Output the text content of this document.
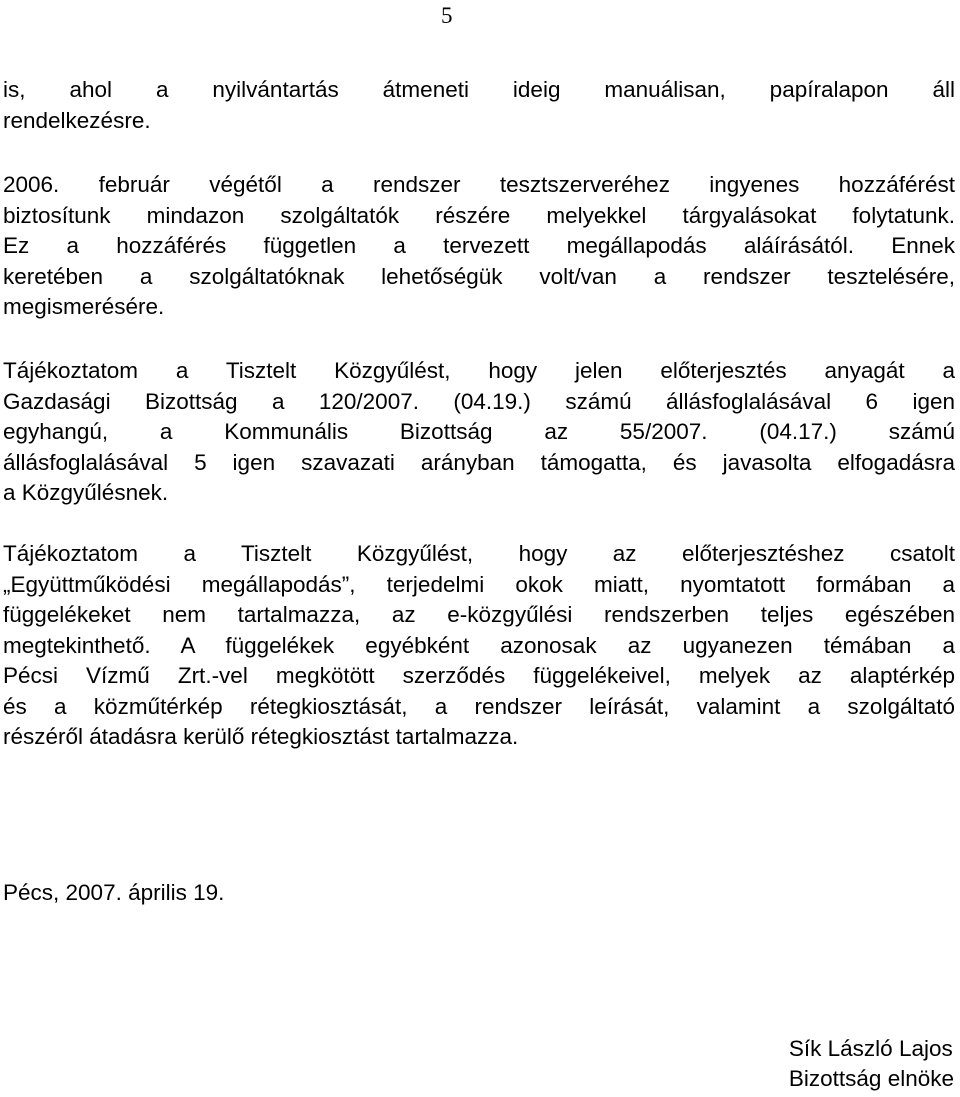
5
is, ahol a nyilvántartás átmeneti ideig manuálisan, papíralapon áll
rendelkezésre.
2006. február végétől a rendszer tesztszerveréhez ingyenes hozzáférést
biztosítunk mindazon szolgáltatók részére melyekkel tárgyalásokat folytatunk.
Ez a hozzáférés független a tervezett megállapodás aláírásától. Ennek
keretében a szolgáltatóknak lehetőségük volt/van a rendszer tesztelésére,
megismerésére.
Tájékoztatom a Tisztelt Közgyűlést, hogy jelen előterjesztés anyagát a
Gazdasági Bizottság a 120/2007. (04.19.) számú állásfoglalásával 6 igen
egyhangú, a Kommunális Bizottság az 55/2007. (04.17.) számú
állásfoglalásával 5 igen szavazati arányban támogatta, és javasolta elfogadásra
a Közgyűlésnek.
Tájékoztatom a Tisztelt Közgyűlést, hogy az előterjesztéshez csatolt
„Együttműködési megállapodás”, terjedelmi okok miatt, nyomtatott formában a
függelékeket nem tartalmazza, az e-közgyűlési rendszerben teljes egészében
megtekinthető. A függelékek egyébként azonosak az ugyanezen témában a
Pécsi Vízmű Zrt.-vel megkötött szerződés függelékeivel, melyek az alaptérkép
és a közműtérkép rétegkiosztását, a rendszer leírását, valamint a szolgáltató
részéről átadásra kerülő rétegkiosztást tartalmazza.
Pécs, 2007. április 19.
Sík László Lajos
Bizottság elnöke
